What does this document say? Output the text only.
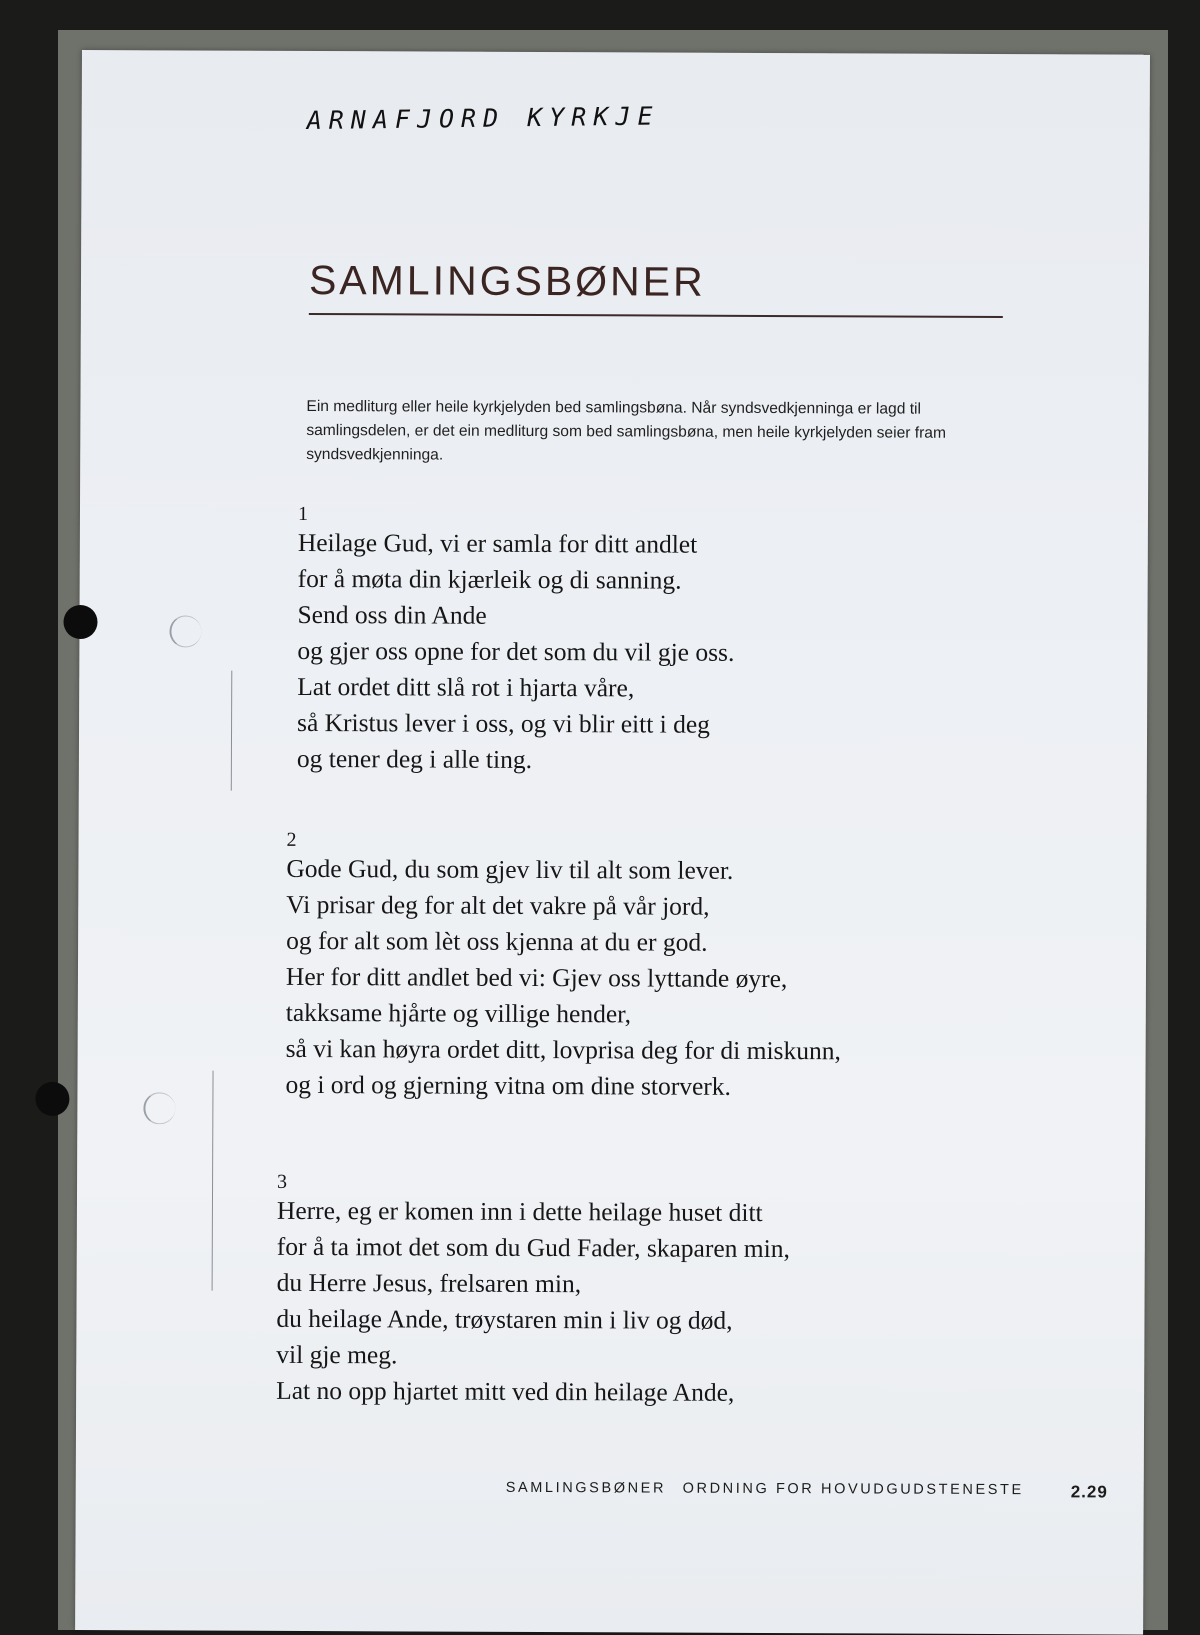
ARNAFJORD KYRKJE

SAMLINGSBØNER

Ein medliturg eller heile kyrkjelyden bed samlingsbøna. Når syndsvedkjenninga er lagd til samlingsdelen, er det ein medliturg som bed samlingsbøna, men heile kyrkjelyden seier fram syndsvedkjenninga.

1

Heilage Gud, vi er samla for ditt andlet
for å møta din kjærleik og di sanning.
Send oss din Ande
og gjer oss opne for det som du vil gje oss.
Lat ordet ditt slå rot i hjarta våre,
så Kristus lever i oss, og vi blir eitt i deg
og tener deg i alle ting.

2

Gode Gud, du som gjev liv til alt som lever.
Vi prisar deg for alt det vakre på vår jord,
og for alt som lèt oss kjenna at du er god.
Her for ditt andlet bed vi: Gjev oss lyttande øyre,
takksame hjårte og villige hender,
så vi kan høyra ordet ditt, lovprisa deg for di miskunn,
og i ord og gjerning vitna om dine storverk.

3

Herre, eg er komen inn i dette heilage huset ditt
for å ta imot det som du Gud Fader, skaparen min,
du Herre Jesus, frelsaren min,
du heilage Ande, trøystaren min i liv og død,
vil gje meg.
Lat no opp hjartet mitt ved din heilage Ande,

SAMLINGSBØNER ORDNING FOR HOVUDGUDSTENESTE	2.29
